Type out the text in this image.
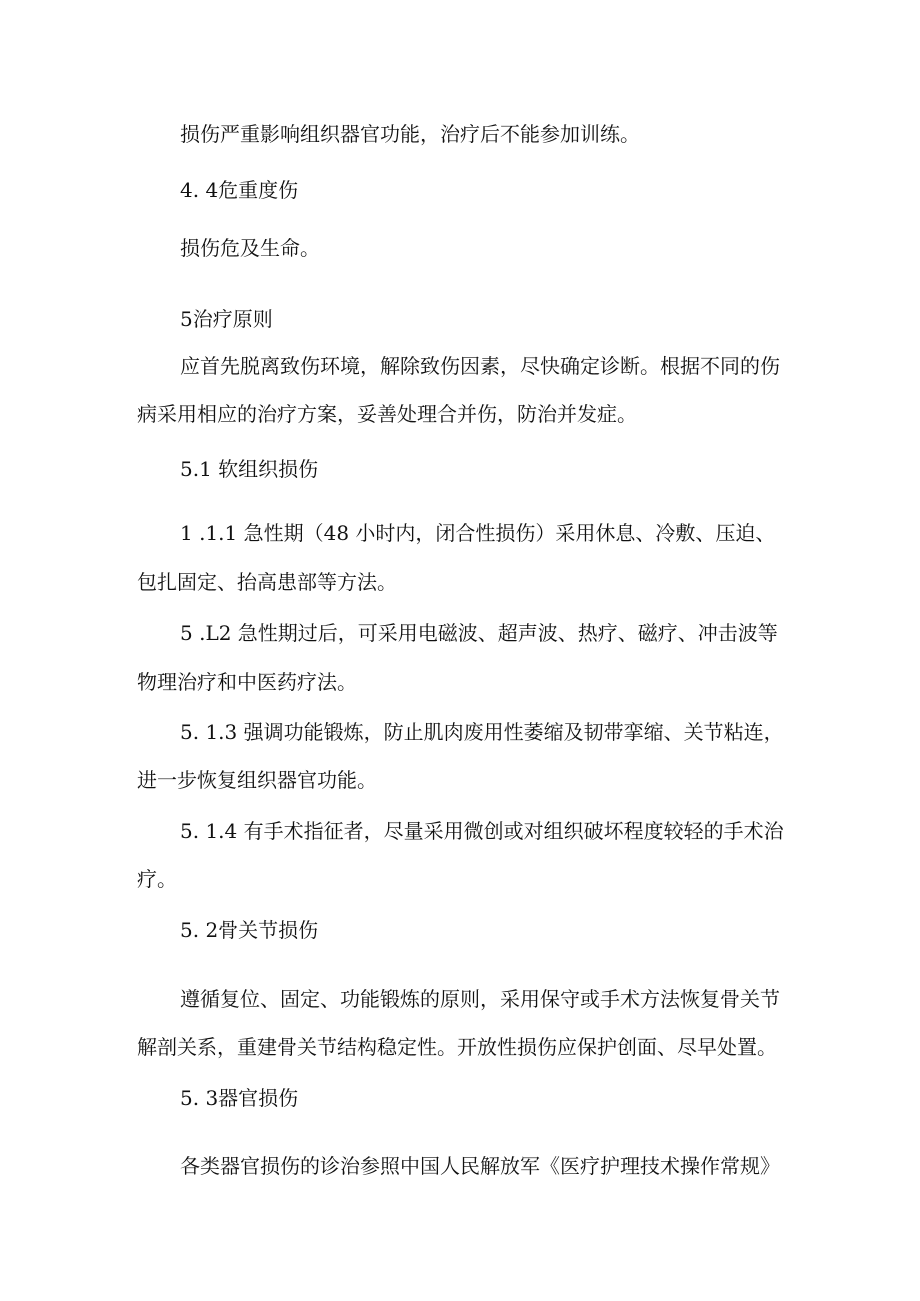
损伤严重影响组织器官功能，治疗后不能参加训练。

4. 4危重度伤

损伤危及生命。

5治疗原则

应首先脱离致伤环境，解除致伤因素，尽快确定诊断。根据不同的伤

病采用相应的治疗方案，妥善处理合并伤，防治并发症。

5.1 软组织损伤

1 .1.1 急性期（48 小时内，闭合性损伤）采用休息、冷敷、压迫、

包扎固定、抬高患部等方法。

5 .L2 急性期过后，可采用电磁波、超声波、热疗、磁疗、冲击波等

物理治疗和中医药疗法。

5. 1.3 强调功能锻炼，防止肌肉废用性萎缩及韧带挛缩、关节粘连，

进一步恢复组织器官功能。

5. 1.4 有手术指征者，尽量采用微创或对组织破坏程度较轻的手术治

疗。

5. 2骨关节损伤

遵循复位、固定、功能锻炼的原则，采用保守或手术方法恢复骨关节

解剖关系，重建骨关节结构稳定性。开放性损伤应保护创面、尽早处置。

5. 3器官损伤

各类器官损伤的诊治参照中国人民解放军《医疗护理技术操作常规》
